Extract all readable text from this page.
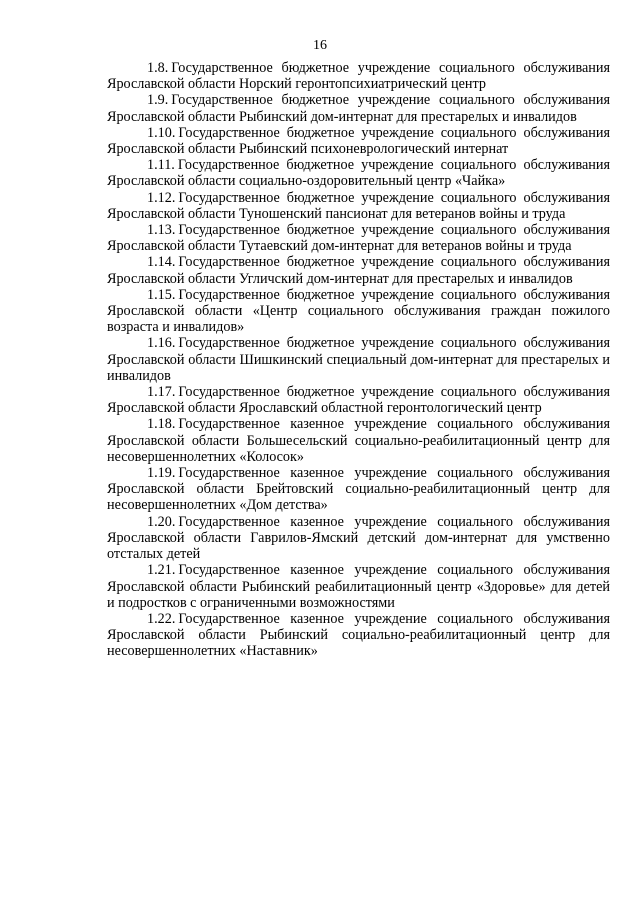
16

1.8. Государственное бюджетное учреждение социального обслуживания Ярославской области Норский геронтопсихиатрический центр

1.9. Государственное бюджетное учреждение социального обслуживания Ярославской области Рыбинский дом-интернат для престарелых и инвалидов

1.10. Государственное бюджетное учреждение социального обслуживания Ярославской области Рыбинский психоневрологический интернат

1.11. Государственное бюджетное учреждение социального обслуживания Ярославской области социально-оздоровительный центр «Чайка»

1.12. Государственное бюджетное учреждение социального обслуживания Ярославской области Туношенский пансионат для ветеранов войны и труда

1.13. Государственное бюджетное учреждение социального обслуживания Ярославской области Тутаевский дом-интернат для ветеранов войны и труда

1.14. Государственное бюджетное учреждение социального обслуживания Ярославской области Угличский дом-интернат для престарелых и инвалидов

1.15. Государственное бюджетное учреждение социального обслуживания Ярославской области «Центр социального обслуживания граждан пожилого возраста и инвалидов»

1.16. Государственное бюджетное учреждение социального обслуживания Ярославской области Шишкинский специальный дом-интернат для престарелых и инвалидов

1.17. Государственное бюджетное учреждение социального обслуживания Ярославской области Ярославский областной геронтологический центр

1.18. Государственное казенное учреждение социального обслуживания Ярославской области Большесельский социально-реабилитационный центр для несовершеннолетних «Колосок»

1.19. Государственное казенное учреждение социального обслуживания Ярославской области Брейтовский социально-реабилитационный центр для несовершеннолетних «Дом детства»

1.20. Государственное казенное учреждение социального обслуживания Ярославской области Гаврилов-Ямский детский дом-интернат для умственно отсталых детей

1.21. Государственное казенное учреждение социального обслуживания Ярославской области Рыбинский реабилитационный центр «Здоровье» для детей и подростков с ограниченными возможностями

1.22. Государственное казенное учреждение социального обслуживания Ярославской области Рыбинский социально-реабилитационный центр для несовершеннолетних «Наставник»
